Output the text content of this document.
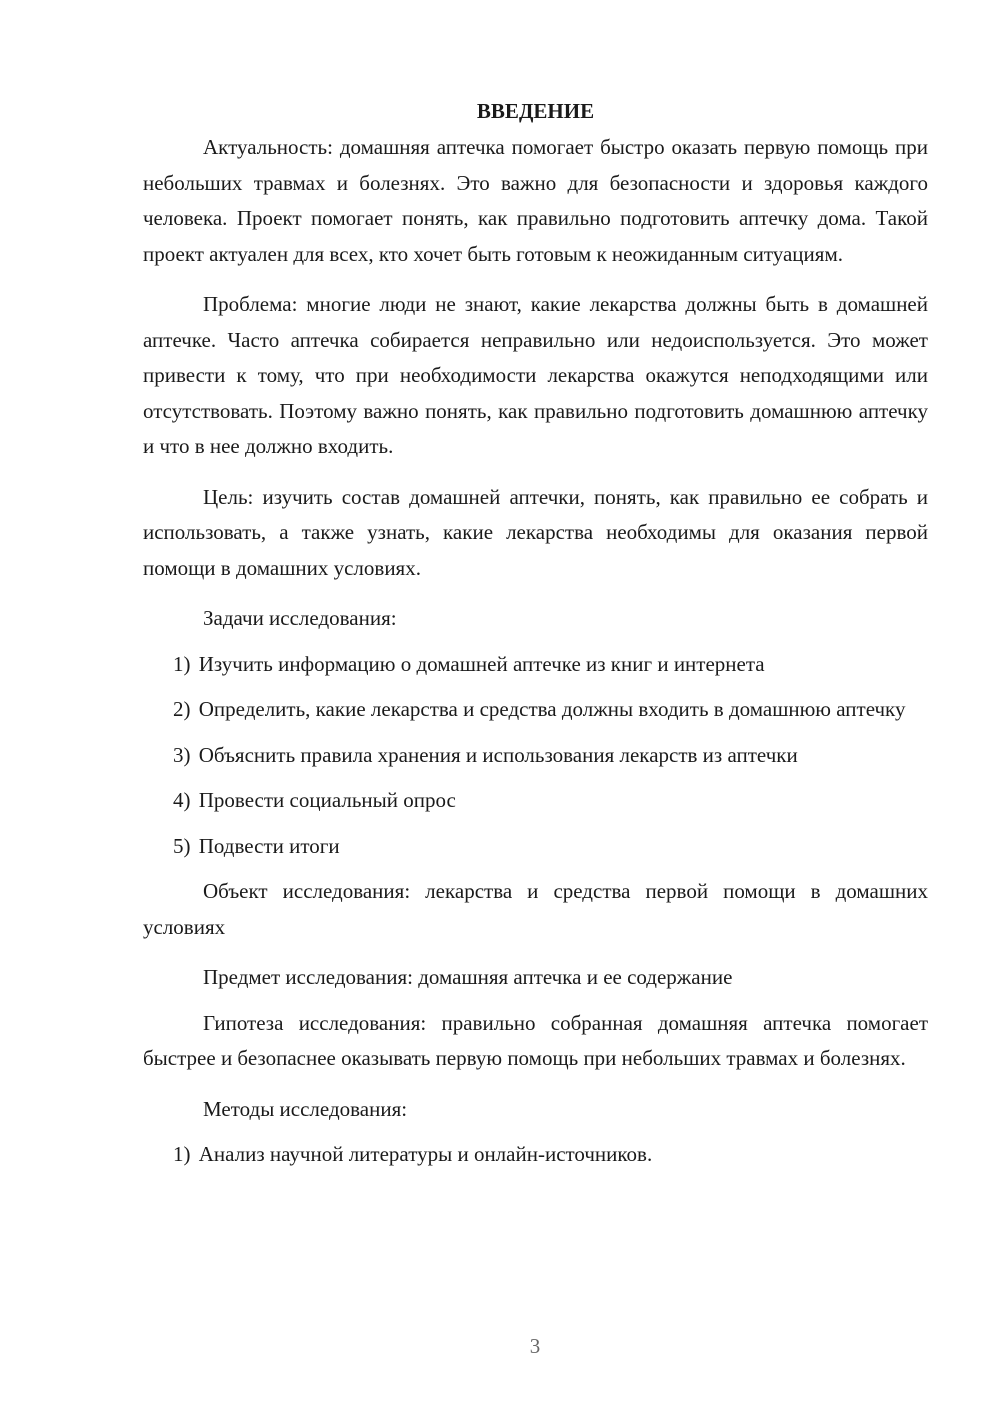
ВВЕДЕНИЕ

Актуальность: домашняя аптечка помогает быстро оказать первую помощь при небольших травмах и болезнях. Это важно для безопасности и здоровья каждого человека. Проект помогает понять, как правильно подготовить аптечку дома. Такой проект актуален для всех, кто хочет быть готовым к неожиданным ситуациям.

Проблема: многие люди не знают, какие лекарства должны быть в домашней аптечке. Часто аптечка собирается неправильно или недоиспользуется. Это может привести к тому, что при необходимости лекарства окажутся неподходящими или отсутствовать. Поэтому важно понять, как правильно подготовить домашнюю аптечку и что в нее должно входить.

Цель: изучить состав домашней аптечки, понять, как правильно ее собрать и использовать, а также узнать, какие лекарства необходимы для оказания первой помощи в домашних условиях.

Задачи исследования:

1) Изучить информацию о домашней аптечке из книг и интернета

2) Определить, какие лекарства и средства должны входить в домашнюю аптечку

3) Объяснить правила хранения и использования лекарств из аптечки

4) Провести социальный опрос

5) Подвести итоги

Объект исследования: лекарства и средства первой помощи в домашних условиях

Предмет исследования: домашняя аптечка и ее содержание

Гипотеза исследования: правильно собранная домашняя аптечка помогает быстрее и безопаснее оказывать первую помощь при небольших травмах и болезнях.

Методы исследования:

1) Анализ научной литературы и онлайн-источников.

3
